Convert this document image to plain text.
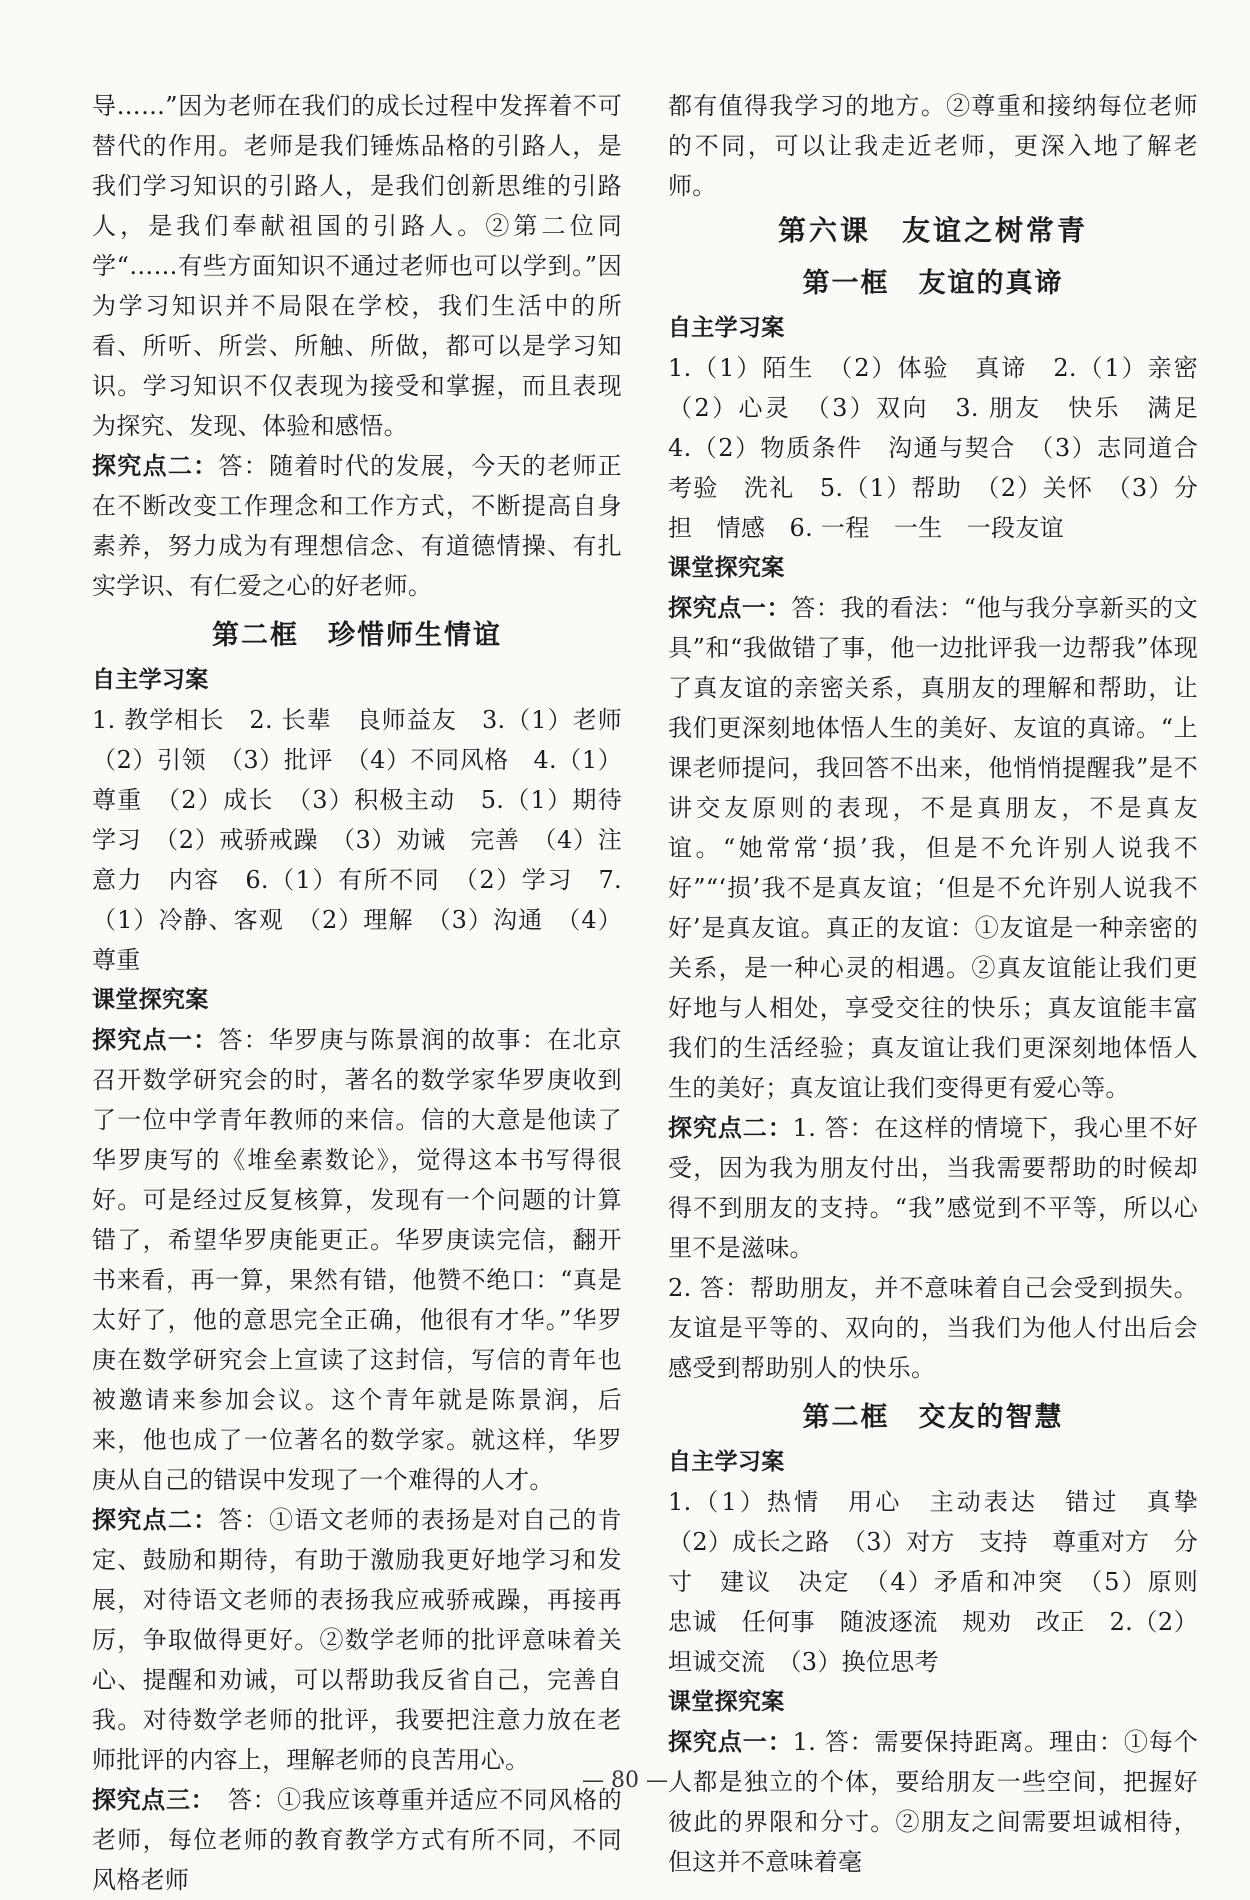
导……”因为老师在我们的成长过程中发挥着不可替代的作用。老师是我们锤炼品格的引路人，是我们学习知识的引路人，是我们创新思维的引路人，是我们奉献祖国的引路人。②第二位同学“……有些方面知识不通过老师也可以学到。”因为学习知识并不局限在学校，我们生活中的所看、所听、所尝、所触、所做，都可以是学习知识。学习知识不仅表现为接受和掌握，而且表现为探究、发现、体验和感悟。

探究点二：答：随着时代的发展，今天的老师正在不断改变工作理念和工作方式，不断提高自身素养，努力成为有理想信念、有道德情操、有扎实学识、有仁爱之心的好老师。

第二框　珍惜师生情谊
自主学习案

1. 教学相长　2. 长辈　良师益友　3.（1）老师　（2）引领　（3）批评　（4）不同风格　4.（1）尊重　（2）成长　（3）积极主动　5.（1）期待　学习　（2）戒骄戒躁　（3）劝诫　完善　（4）注意力　内容　6.（1）有所不同　（2）学习　7.（1）冷静、客观　（2）理解　（3）沟通　（4）尊重

课堂探究案

探究点一：答：华罗庚与陈景润的故事：在北京召开数学研究会的时，著名的数学家华罗庚收到了一位中学青年教师的来信。信的大意是他读了华罗庚写的《堆垒素数论》，觉得这本书写得很好。可是经过反复核算，发现有一个问题的计算错了，希望华罗庚能更正。华罗庚读完信，翻开书来看，再一算，果然有错，他赞不绝口：“真是太好了，他的意思完全正确，他很有才华。”华罗庚在数学研究会上宣读了这封信，写信的青年也被邀请来参加会议。这个青年就是陈景润，后来，他也成了一位著名的数学家。就这样，华罗庚从自己的错误中发现了一个难得的人才。

探究点二：答：①语文老师的表扬是对自己的肯定、鼓励和期待，有助于激励我更好地学习和发展，对待语文老师的表扬我应戒骄戒躁，再接再厉，争取做得更好。②数学老师的批评意味着关心、提醒和劝诫，可以帮助我反省自己，完善自我。对待数学老师的批评，我要把注意力放在老师批评的内容上，理解老师的良苦用心。

探究点三：　答：①我应该尊重并适应不同风格的老师，每位老师的教育教学方式有所不同，不同风格老师

都有值得我学习的地方。②尊重和接纳每位老师的不同，可以让我走近老师，更深入地了解老师。

第六课　友谊之树常青
第一框　友谊的真谛
自主学习案

1.（1）陌生　（2）体验　真谛　2.（1）亲密　（2）心灵　（3）双向　3. 朋友　快乐　满足　4.（2）物质条件　沟通与契合　（3）志同道合　考验　洗礼　5.（1）帮助　（2）关怀　（3）分担　情感　6. 一程　一生　一段友谊

课堂探究案

探究点一：答：我的看法：“他与我分享新买的文具”和“我做错了事，他一边批评我一边帮我”体现了真友谊的亲密关系，真朋友的理解和帮助，让我们更深刻地体悟人生的美好、友谊的真谛。“上课老师提问，我回答不出来，他悄悄提醒我”是不讲交友原则的表现，不是真朋友，不是真友谊。“她常常‘损’我，但是不允许别人说我不好”“‘损’我不是真友谊；‘但是不允许别人说我不好’是真友谊。真正的友谊：①友谊是一种亲密的关系，是一种心灵的相遇。②真友谊能让我们更好地与人相处，享受交往的快乐；真友谊能丰富我们的生活经验；真友谊让我们更深刻地体悟人生的美好；真友谊让我们变得更有爱心等。

探究点二：1. 答：在这样的情境下，我心里不好受，因为我为朋友付出，当我需要帮助的时候却得不到朋友的支持。“我”感觉到不平等，所以心里不是滋味。

2. 答：帮助朋友，并不意味着自己会受到损失。友谊是平等的、双向的，当我们为他人付出后会感受到帮助别人的快乐。

第二框　交友的智慧
自主学习案

1.（1）热情　用心　主动表达　错过　真挚　（2）成长之路　（3）对方　支持　尊重对方　分寸　建议　决定　（4）矛盾和冲突　（5）原则　忠诚　任何事　随波逐流　规劝　改正　2.（2）坦诚交流　（3）换位思考

课堂探究案

探究点一：1. 答：需要保持距离。理由：①每个人都是独立的个体，要给朋友一些空间，把握好彼此的界限和分寸。②朋友之间需要坦诚相待，但这并不意味着毫

— 80 —
